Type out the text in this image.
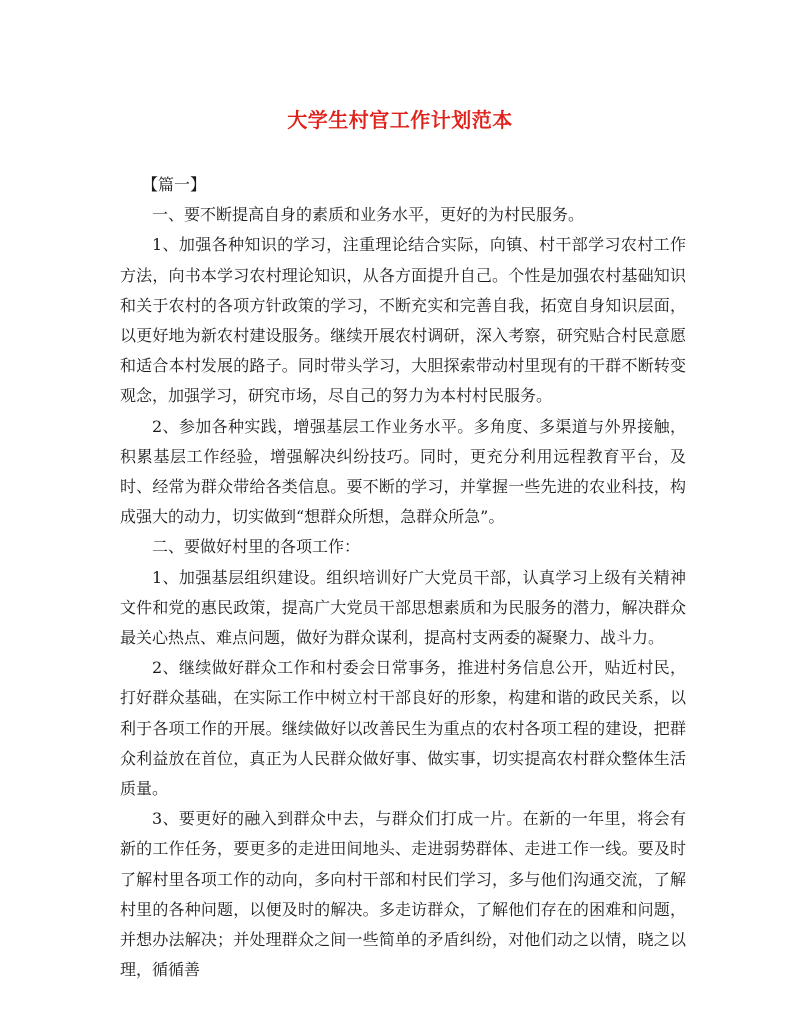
大学生村官工作计划范本

【篇一】

一、要不断提高自身的素质和业务水平，更好的为村民服务。

1、加强各种知识的学习，注重理论结合实际，向镇、村干部学习农村工作方法，向书本学习农村理论知识，从各方面提升自己。个性是加强农村基础知识和关于农村的各项方针政策的学习，不断充实和完善自我，拓宽自身知识层面，以更好地为新农村建设服务。继续开展农村调研，深入考察，研究贴合村民意愿和适合本村发展的路子。同时带头学习，大胆探索带动村里现有的干群不断转变观念，加强学习，研究市场，尽自己的努力为本村村民服务。

2、参加各种实践，增强基层工作业务水平。多角度、多渠道与外界接触，积累基层工作经验，增强解决纠纷技巧。同时，更充分利用远程教育平台，及时、经常为群众带给各类信息。要不断的学习，并掌握一些先进的农业科技，构成强大的动力，切实做到“想群众所想，急群众所急”。

二、要做好村里的各项工作：

1、加强基层组织建设。组织培训好广大党员干部，认真学习上级有关精神文件和党的惠民政策，提高广大党员干部思想素质和为民服务的潜力，解决群众最关心热点、难点问题，做好为群众谋利，提高村支两委的凝聚力、战斗力。

2、继续做好群众工作和村委会日常事务，推进村务信息公开，贴近村民，打好群众基础，在实际工作中树立村干部良好的形象，构建和谐的政民关系，以利于各项工作的开展。继续做好以改善民生为重点的农村各项工程的建设，把群众利益放在首位，真正为人民群众做好事、做实事，切实提高农村群众整体生活质量。

3、要更好的融入到群众中去，与群众们打成一片。在新的一年里，将会有新的工作任务，要更多的走进田间地头、走进弱势群体、走进工作一线。要及时了解村里各项工作的动向，多向村干部和村民们学习，多与他们沟通交流，了解村里的各种问题，以便及时的解决。多走访群众，了解他们存在的困难和问题，并想办法解决；并处理群众之间一些简单的矛盾纠纷，对他们动之以情，晓之以理，循循善
